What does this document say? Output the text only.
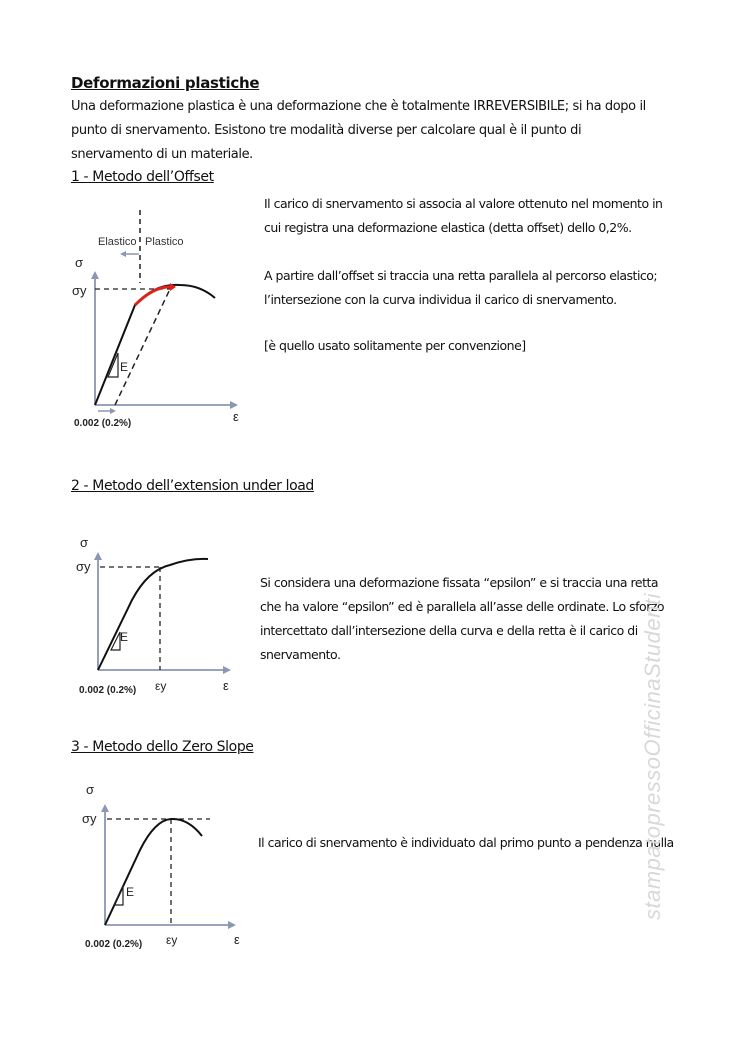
Deformazioni plastiche
Una deformazione plastica è una deformazione che è totalmente IRREVERSIBILE; si ha dopo il punto di snervamento. Esistono tre modalità diverse per calcolare qual è il punto di snervamento di un materiale.
1 - Metodo dell’Offset
Il carico di snervamento si associa al valore ottenuto nel momento in cui registra una deformazione elastica (detta offset) dello 0,2%.
A partire dall’offset si traccia una retta parallela al percorso elastico; l’intersezione con la curva individua il carico di snervamento.
[è quello usato solitamente per convenzione]
Elastico Plastico
σ
σy
ε
E
0.002 (0.2%)
2 - Metodo dell’extension under load
Si considera una deformazione fissata “epsilon” e si traccia una retta che ha valore “epsilon” ed è parallela all’asse delle ordinate. Lo sforzo intercettato dall’intersezione della curva e della retta è il carico di snervamento.
σ
σy
ε
εy
E
0.002 (0.2%)
3 - Metodo dello Zero Slope
Il carico di snervamento è individuato dal primo punto a pendenza nulla
σ
σy
ε
εy
E
0.002 (0.2%)
stampatopressoOfficinaStudenti
